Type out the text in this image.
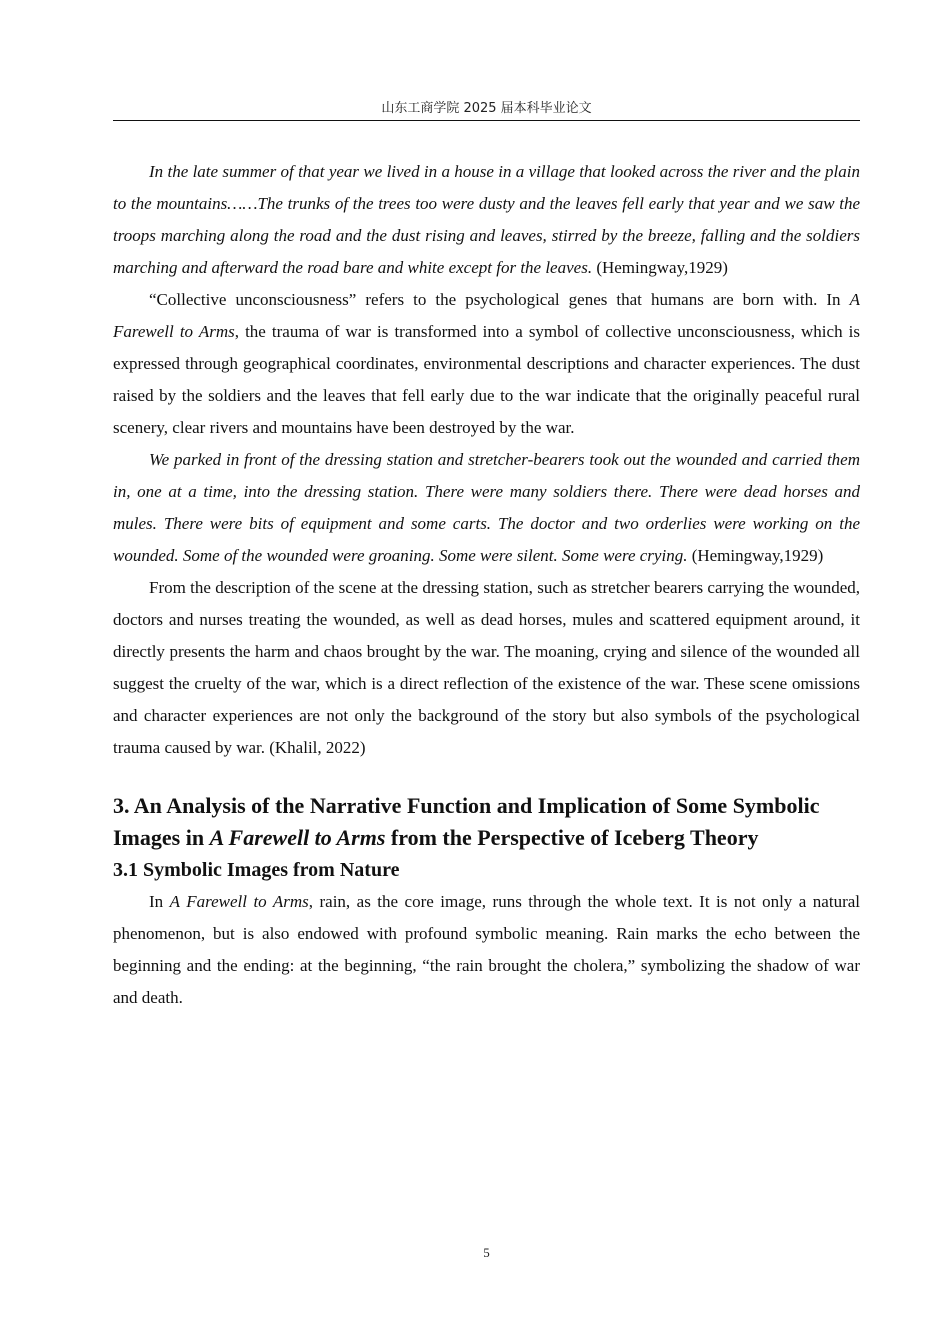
山东工商学院 2025 届本科毕业论文

In the late summer of that year we lived in a house in a village that looked across the river and the plain to the mountains……The trunks of the trees too were dusty and the leaves fell early that year and we saw the troops marching along the road and the dust rising and leaves, stirred by the breeze, falling and the soldiers marching and afterward the road bare and white except for the leaves. (Hemingway,1929)

“Collective unconsciousness” refers to the psychological genes that humans are born with. In A Farewell to Arms, the trauma of war is transformed into a symbol of collective unconsciousness, which is expressed through geographical coordinates, environmental descriptions and character experiences. The dust raised by the soldiers and the leaves that fell early due to the war indicate that the originally peaceful rural scenery, clear rivers and mountains have been destroyed by the war.

We parked in front of the dressing station and stretcher-bearers took out the wounded and carried them in, one at a time, into the dressing station. There were many soldiers there. There were dead horses and mules. There were bits of equipment and some carts. The doctor and two orderlies were working on the wounded. Some of the wounded were groaning. Some were silent. Some were crying. (Hemingway,1929)

From the description of the scene at the dressing station, such as stretcher bearers carrying the wounded, doctors and nurses treating the wounded, as well as dead horses, mules and scattered equipment around, it directly presents the harm and chaos brought by the war. The moaning, crying and silence of the wounded all suggest the cruelty of the war, which is a direct reflection of the existence of the war. These scene omissions and character experiences are not only the background of the story but also symbols of the psychological trauma caused by war. (Khalil, 2022)

3. An Analysis of the Narrative Function and Implication of Some Symbolic Images in A Farewell to Arms from the Perspective of Iceberg Theory
3.1 Symbolic Images from Nature

In A Farewell to Arms, rain, as the core image, runs through the whole text. It is not only a natural phenomenon, but is also endowed with profound symbolic meaning. Rain marks the echo between the beginning and the ending: at the beginning, “the rain brought the cholera,” symbolizing the shadow of war and death.

5
